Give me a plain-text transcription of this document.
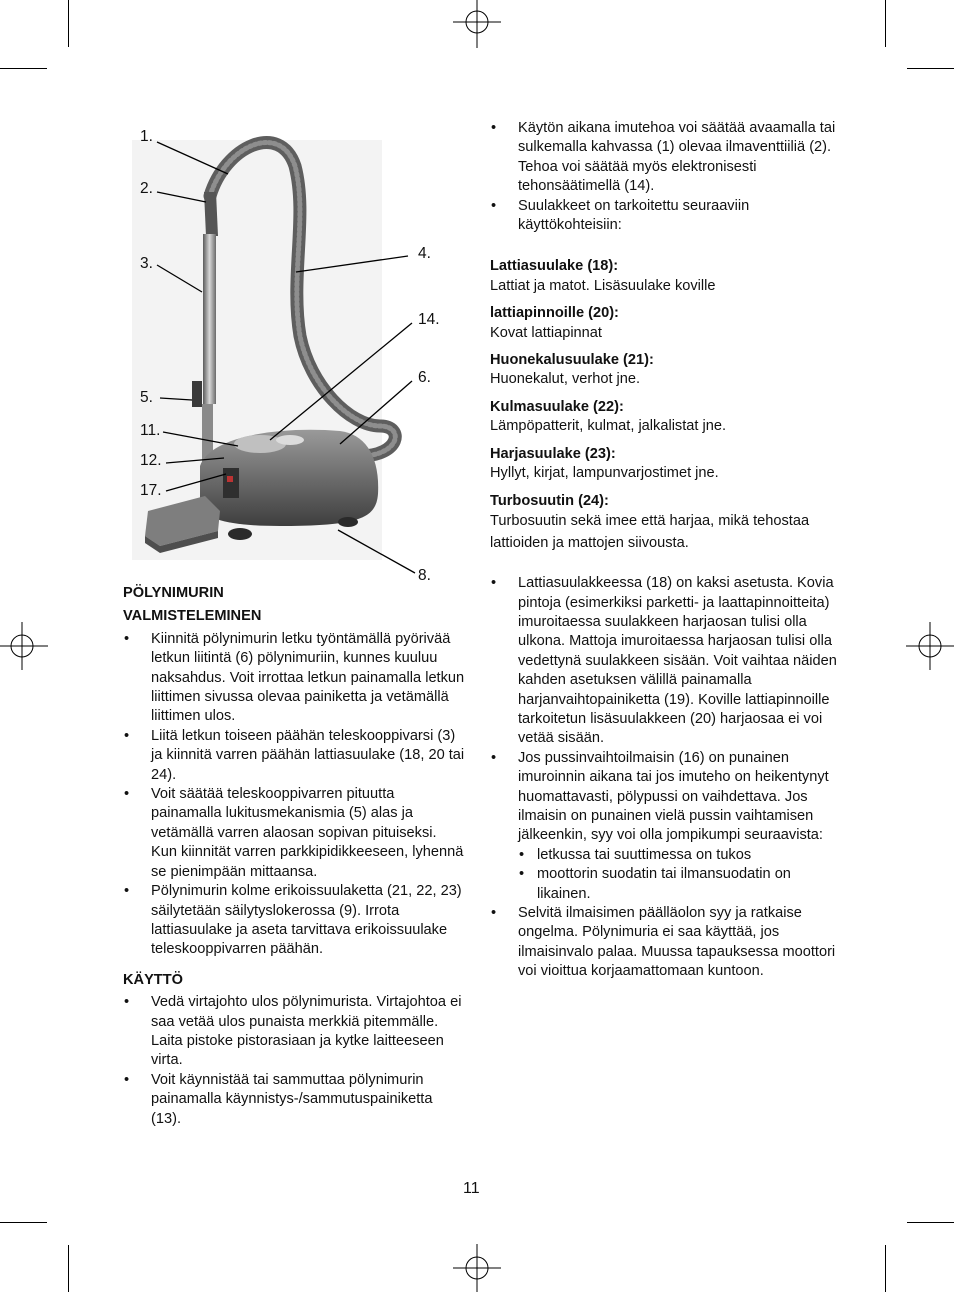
1.
2.
3.
4.
14.
6.
5.
11.
12.
17.
8.

PÖLYNIMURIN

VALMISTELEMINEN

• Kiinnitä pölynimurin letku työntämällä pyörivää letkun liitintä (6) pölynimuriin, kunnes kuuluu naksahdus. Voit irrottaa letkun painamalla letkun liittimen sivussa olevaa painiketta ja vetämällä liittimen ulos.
• Liitä letkun toiseen päähän teleskooppivarsi (3) ja kiinnitä varren päähän lattiasuulake (18, 20 tai 24).
• Voit säätää teleskooppivarren pituutta painamalla lukitusmekanismia (5) alas ja vetämällä varren alaosan sopivan pituiseksi. Kun kiinnität varren parkkipidikkeeseen, lyhennä se pienimpään mittaansa.
• Pölynimurin kolme erikoissuulaketta (21, 22, 23) säilytetään säilytyslokerossa (9). Irrota lattiasuulake ja aseta tarvittava erikoissuulake teleskooppivarren päähän.

KÄYTTÖ

• Vedä virtajohto ulos pölynimurista. Virtajohtoa ei saa vetää ulos punaista merkkiä pitemmälle. Laita pistoke pistorasiaan ja kytke laitteeseen virta.
• Voit käynnistää tai sammuttaa pölynimurin painamalla käynnistys-/sammutuspainiketta (13).
• Käytön aikana imutehoa voi säätää avaamalla tai sulkemalla kahvassa (1) olevaa ilmaventtiiliä (2). Tehoa voi säätää myös elektronisesti tehonsäätimellä (14).
• Suulakkeet on tarkoitettu seuraaviin käyttökohteisiin:
Lattiasuulake (18):
Lattiat ja matot. Lisäsuulake koville
lattiapinnoille (20):
Kovat lattiapinnat
Huonekalusuulake (21):
Huonekalut, verhot jne.
Kulmasuulake (22):
Lämpöpatterit, kulmat, jalkalistat jne.
Harjasuulake (23):
Hyllyt, kirjat, lampunvarjostimet jne.
Turbosuutin (24):
Turbosuutin sekä imee että harjaa, mikä tehostaa lattioiden ja mattojen siivousta.
• Lattiasuulakkeessa (18) on kaksi asetusta. Kovia pintoja (esimerkiksi parketti- ja laattapinnoitteita) imuroitaessa suulakkeen harjaosan tulisi olla ulkona. Mattoja imuroitaessa harjaosan tulisi olla vedettynä suulakkeen sisään. Voit vaihtaa näiden kahden asetuksen välillä painamalla harjanvaihtopainiketta (19). Koville lattiapinnoille tarkoitetun lisäsuulakkeen (20) harjaosaa ei voi vetää sisään.
• Jos pussinvaihtoilmaisin (16) on punainen imuroinnin aikana tai jos imuteho on heikentynyt huomattavasti, pölypussi on vaihdettava. Jos ilmaisin on punainen vielä pussin vaihtamisen jälkeenkin, syy voi olla jompikumpi seuraavista:
• letkussa tai suuttimessa on tukos
• moottorin suodatin tai ilmansuodatin on likainen.
• Selvitä ilmaisimen päälläolon syy ja ratkaise ongelma. Pölynimuria ei saa käyttää, jos ilmaisinvalo palaa. Muussa tapauksessa moottori voi vioittua korjaamattomaan kuntoon.
11
